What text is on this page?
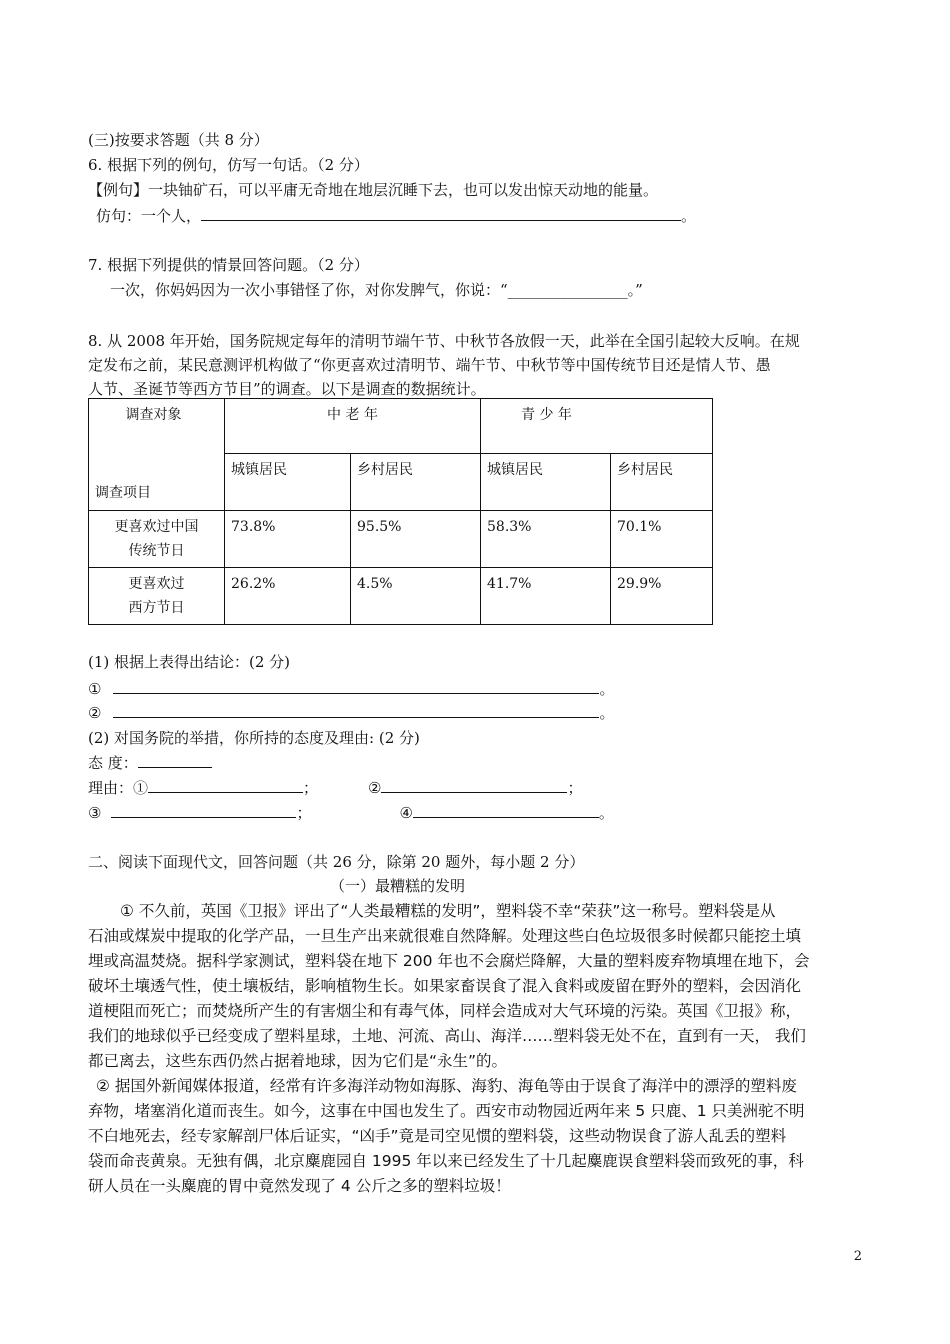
(三)按要求答题（共 8 分）
6. 根据下列的例句，仿写一句话。（2 分）
【例句】一块铀矿石，可以平庸无奇地在地层沉睡下去，也可以发出惊天动地的能量。
仿句：一个人，	。
7. 根据下列提供的情景回答问题。（2 分）
一次，你妈妈因为一次小事错怪了你，对你发脾气，你说：“________________。”
8. 从 2008 年开始，国务院规定每年的清明节端午节、中秋节各放假一天，此举在全国引起较大反响。在规
定发布之前，某民意测评机构做了“你更喜欢过清明节、端午节、中秋节等中国传统节目还是情人节、愚
人节、圣诞节等西方节目”的调查。以下是调查的数据统计。
调查对象
调查项目	中 老 年		青 少 年	

	城镇居民	乡村居民	城镇居民	乡村居民

更喜欢过中国
传统节日	73.8%	95.5%	58.3%	70.1%

更喜欢过
西方节日	26.2%	4.5%	41.7%	29.9%
(1) 根据上表得出结论：(2 分)
①	。
②	。
(2) 对国务院的举措，你所持的态度及理由: (2 分)
态 度：
理由：①	；	②	；
③	；	④	。
二、阅读下面现代文，回答问题（共 26 分，除第 20 题外，每小题 2 分）
（一）最糟糕的发明
① 不久前，英国《卫报》评出了“人类最糟糕的发明”，塑料袋不幸“荣获”这一称号。塑料袋是从
石油或煤炭中提取的化学产品，一旦生产出来就很难自然降解。处理这些白色垃圾很多时候都只能挖土填
埋或高温焚烧。据科学家测试，塑料袋在地下 200 年也不会腐烂降解，大量的塑料废弃物填埋在地下，会
破坏土壤透气性，使土壤板结，影响植物生长。如果家畜误食了混入食料或废留在野外的塑料，会因消化
道梗阻而死亡；而焚烧所产生的有害烟尘和有毒气体，同样会造成对大气环境的污染。英国《卫报》称，
我们的地球似乎已经变成了塑料星球，土地、河流、高山、海洋……塑料袋无处不在，直到有一天， 我们
都已离去，这些东西仍然占据着地球，因为它们是“永生”的。
② 据国外新闻媒体报道，经常有许多海洋动物如海豚、海豹、海龟等由于误食了海洋中的漂浮的塑料废
弃物，堵塞消化道而丧生。如今，这事在中国也发生了。西安市动物园近两年来 5 只鹿、1 只美洲驼不明
不白地死去，经专家解剖尸体后证实，“凶手”竟是司空见惯的塑料袋，这些动物误食了游人乱丢的塑料
袋而命丧黄泉。无独有偶，北京麋鹿园自 1995 年以来已经发生了十几起麋鹿误食塑料袋而致死的事，科
研人员在一头麋鹿的胃中竟然发现了 4 公斤之多的塑料垃圾！
2
